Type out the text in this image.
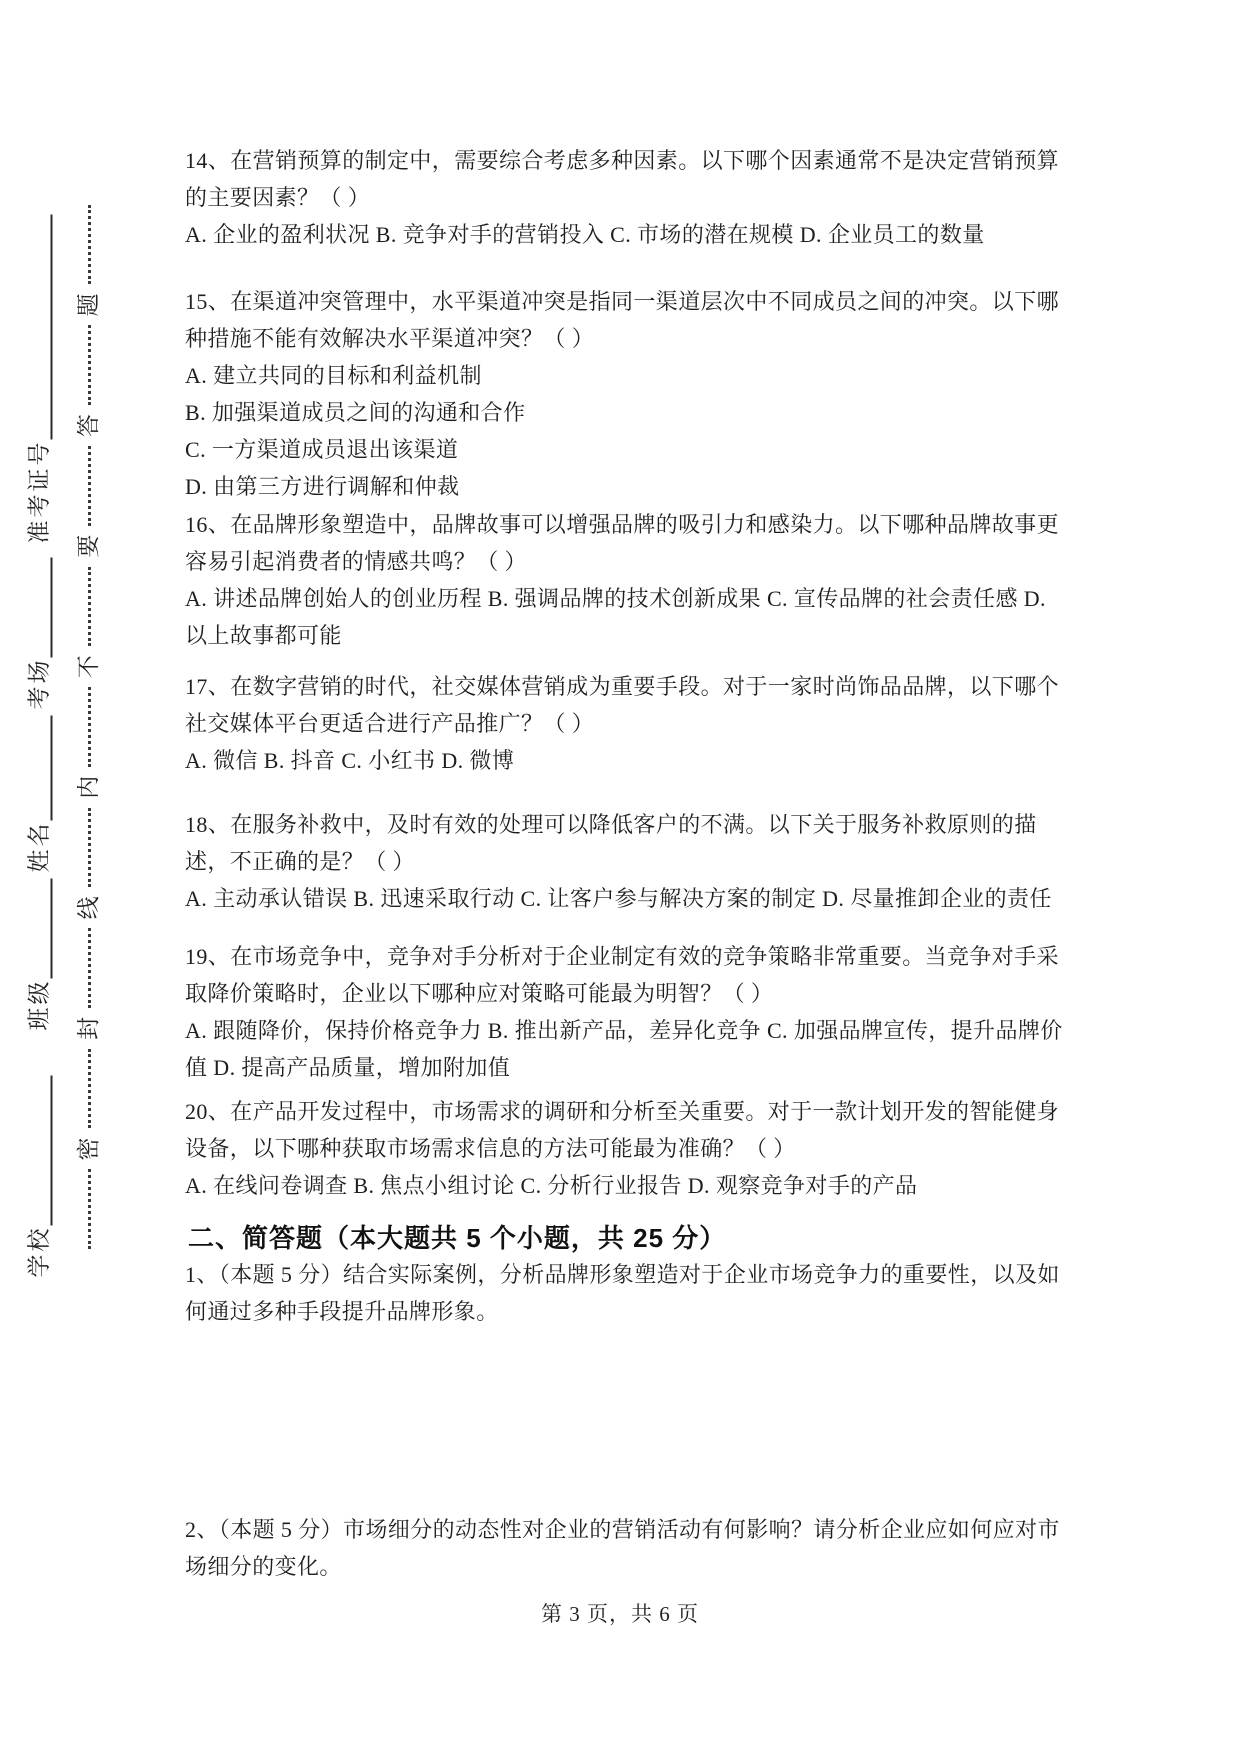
学校
班级
姓名
考场
准考证号
密
封
线
内
不
要
答
题
14、在营销预算的制定中，需要综合考虑多种因素。以下哪个因素通常不是决定营销预算
的主要因素？（ ）
A. 企业的盈利状况 B. 竞争对手的营销投入 C. 市场的潜在规模 D. 企业员工的数量
15、在渠道冲突管理中，水平渠道冲突是指同一渠道层次中不同成员之间的冲突。以下哪
种措施不能有效解决水平渠道冲突？（ ）
A. 建立共同的目标和利益机制
B. 加强渠道成员之间的沟通和合作
C. 一方渠道成员退出该渠道
D. 由第三方进行调解和仲裁
16、在品牌形象塑造中，品牌故事可以增强品牌的吸引力和感染力。以下哪种品牌故事更
容易引起消费者的情感共鸣？（ ）
A. 讲述品牌创始人的创业历程 B. 强调品牌的技术创新成果 C. 宣传品牌的社会责任感 D.
以上故事都可能
17、在数字营销的时代，社交媒体营销成为重要手段。对于一家时尚饰品品牌，以下哪个
社交媒体平台更适合进行产品推广？（ ）
A. 微信 B. 抖音 C. 小红书 D. 微博
18、在服务补救中，及时有效的处理可以降低客户的不满。以下关于服务补救原则的描
述，不正确的是？（ ）
A. 主动承认错误 B. 迅速采取行动 C. 让客户参与解决方案的制定 D. 尽量推卸企业的责任
19、在市场竞争中，竞争对手分析对于企业制定有效的竞争策略非常重要。当竞争对手采
取降价策略时，企业以下哪种应对策略可能最为明智？（ ）
A. 跟随降价，保持价格竞争力 B. 推出新产品，差异化竞争 C. 加强品牌宣传，提升品牌价
值 D. 提高产品质量，增加附加值
20、在产品开发过程中，市场需求的调研和分析至关重要。对于一款计划开发的智能健身
设备，以下哪种获取市场需求信息的方法可能最为准确？（ ）
A. 在线问卷调查 B. 焦点小组讨论 C. 分析行业报告 D. 观察竞争对手的产品
二、简答题（本大题共 5 个小题，共 25 分）
1、（本题 5 分）结合实际案例，分析品牌形象塑造对于企业市场竞争力的重要性，以及如
何通过多种手段提升品牌形象。
2、（本题 5 分）市场细分的动态性对企业的营销活动有何影响？请分析企业应如何应对市
场细分的变化。
第 3 页，共 6 页
